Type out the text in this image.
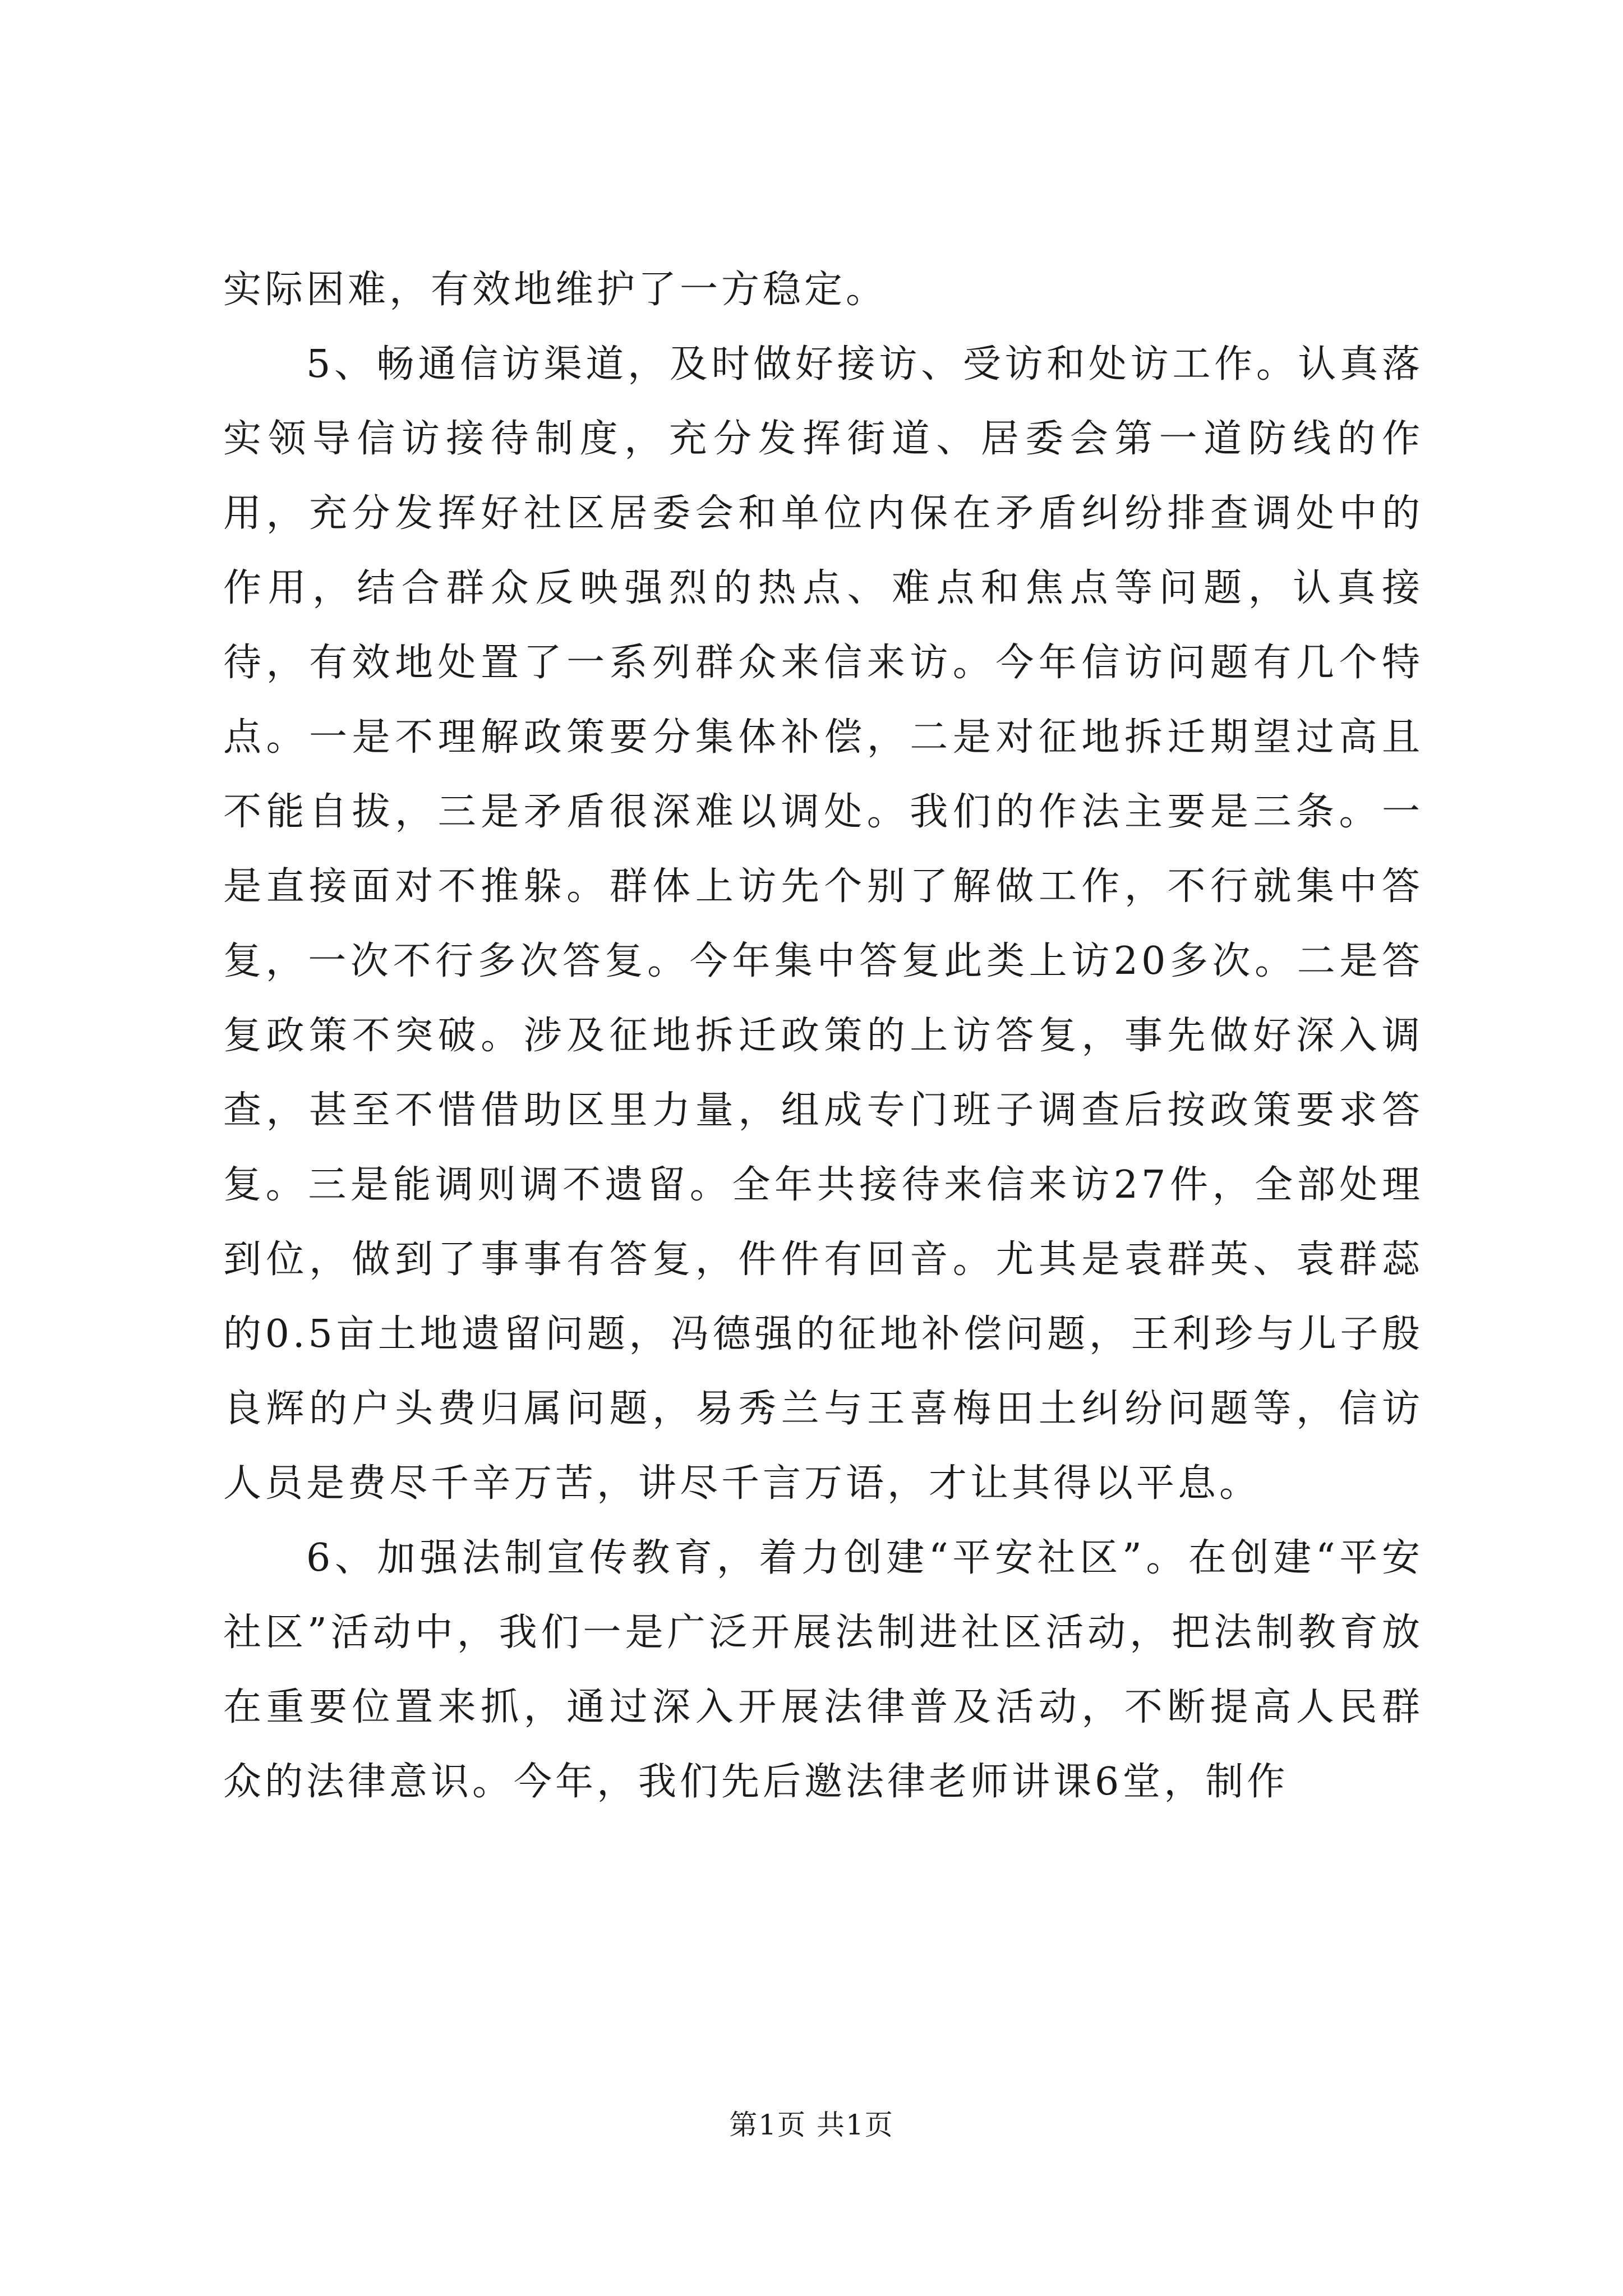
实际困难，有效地维护了一方稳定。

5、畅通信访渠道，及时做好接访、受访和处访工作。认真落实领导信访接待制度，充分发挥街道、居委会第一道防线的作用，充分发挥好社区居委会和单位内保在矛盾纠纷排查调处中的作用，结合群众反映强烈的热点、难点和焦点等问题，认真接待，有效地处置了一系列群众来信来访。今年信访问题有几个特点。一是不理解政策要分集体补偿，二是对征地拆迁期望过高且不能自拔，三是矛盾很深难以调处。我们的作法主要是三条。一是直接面对不推躲。群体上访先个别了解做工作，不行就集中答复，一次不行多次答复。今年集中答复此类上访20多次。二是答复政策不突破。涉及征地拆迁政策的上访答复，事先做好深入调查，甚至不惜借助区里力量，组成专门班子调查后按政策要求答复。三是能调则调不遗留。全年共接待来信来访27件，全部处理到位，做到了事事有答复，件件有回音。尤其是袁群英、袁群蕊的0.5亩土地遗留问题，冯德强的征地补偿问题，王利珍与儿子殷良辉的户头费归属问题，易秀兰与王喜梅田土纠纷问题等，信访人员是费尽千辛万苦，讲尽千言万语，才让其得以平息。

6、加强法制宣传教育，着力创建“平安社区”。在创建“平安社区”活动中，我们一是广泛开展法制进社区活动，把法制教育放在重要位置来抓，通过深入开展法律普及活动，不断提高人民群众的法律意识。今年，我们先后邀法律老师讲课6堂，制作

第1页 共1页
